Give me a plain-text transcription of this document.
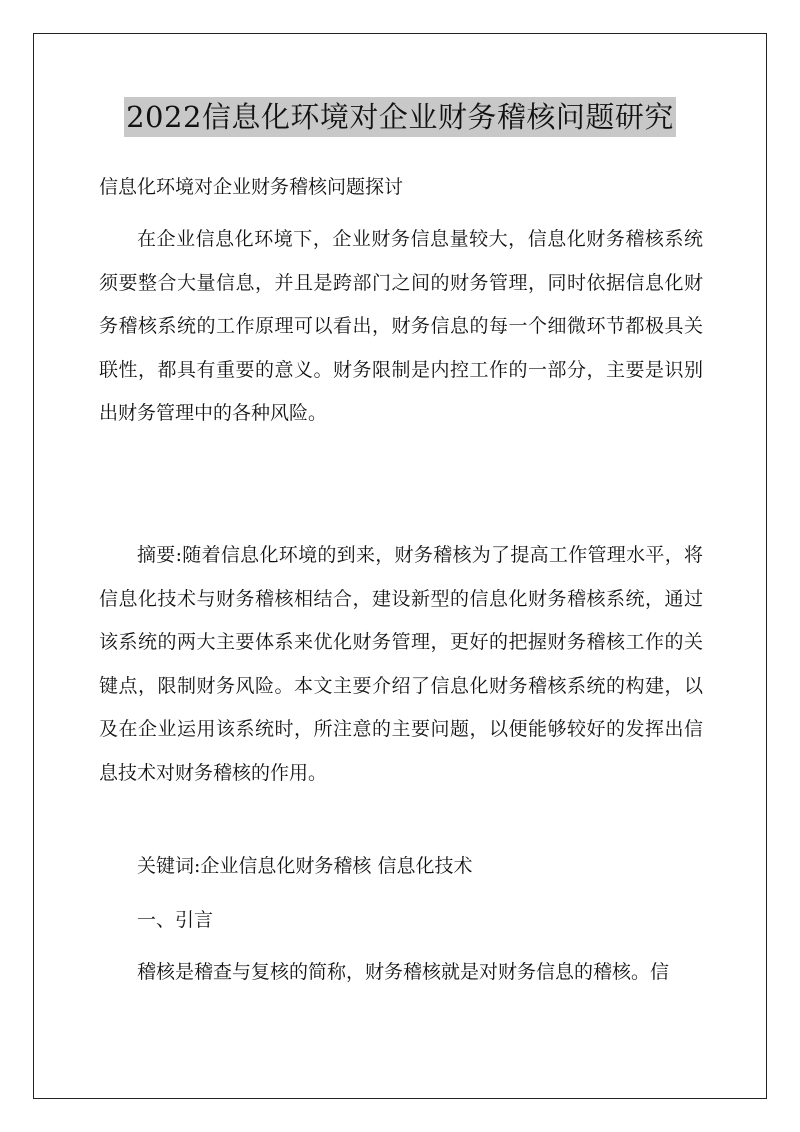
2022信息化环境对企业财务稽核问题研究
信息化环境对企业财务稽核问题探讨

在企业信息化环境下，企业财务信息量较大，信息化财务稽核系统须要整合大量信息，并且是跨部门之间的财务管理，同时依据信息化财务稽核系统的工作原理可以看出，财务信息的每一个细微环节都极具关联性，都具有重要的意义。财务限制是内控工作的一部分，主要是识别出财务管理中的各种风险。

摘要:随着信息化环境的到来，财务稽核为了提高工作管理水平，将信息化技术与财务稽核相结合，建设新型的信息化财务稽核系统，通过该系统的两大主要体系来优化财务管理，更好的把握财务稽核工作的关键点，限制财务风险。本文主要介绍了信息化财务稽核系统的构建，以及在企业运用该系统时，所注意的主要问题，以便能够较好的发挥出信息技术对财务稽核的作用。

关键词:企业信息化财务稽核 信息化技术
一、引言

稽核是稽查与复核的简称，财务稽核就是对财务信息的稽核。信
